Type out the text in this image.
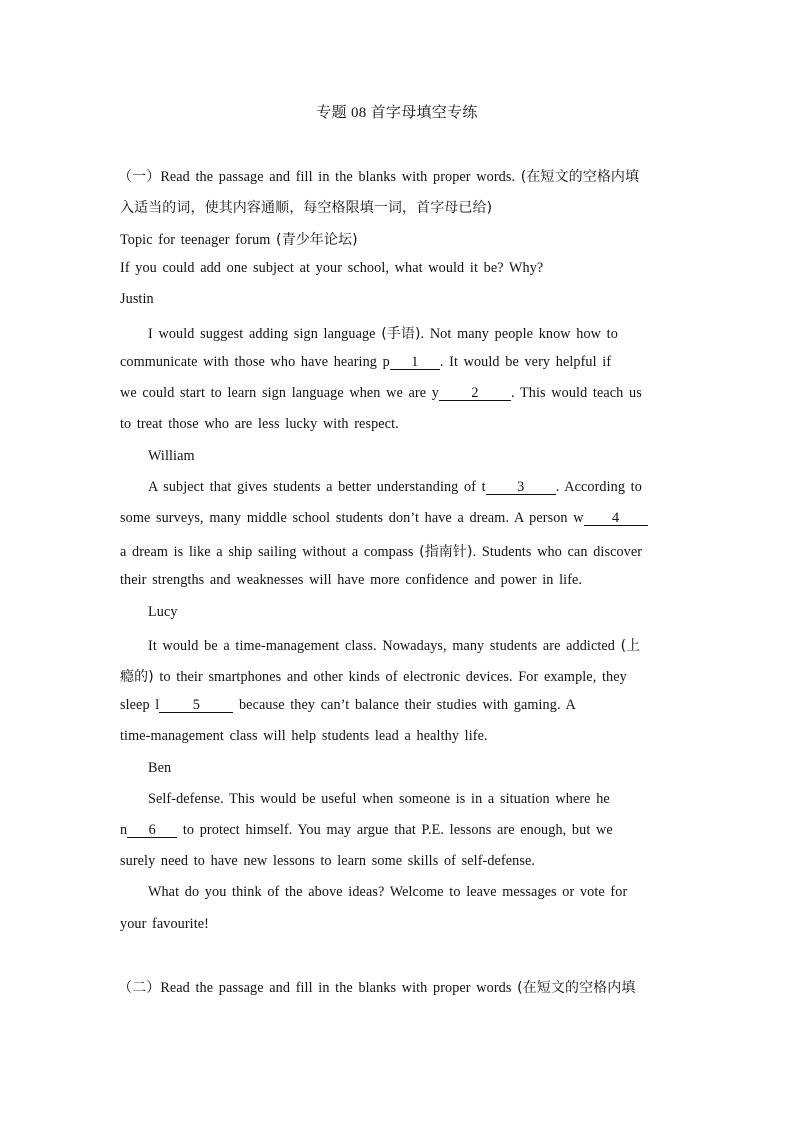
专题 08 首字母填空专练
（一）Read the passage and fill in the blanks with proper words. (在短文的空格内填
入适当的词，使其内容通顺，每空格限填一词，首字母已给)
Topic for teenager forum (青少年论坛)
If you could add one subject at your school, what would it be? Why?
Justin
I would suggest adding sign language (手语). Not many people know how to
communicate with those who have hearing p 1 . It would be very helpful if
we could start to learn sign language when we are y 2 . This would teach us
to treat those who are less lucky with respect.
William
A subject that gives students a better understanding of t 3 . According to
some surveys, many middle school students don’t have a dream. A person w 4
a dream is like a ship sailing without a compass (指南针). Students who can discover
their strengths and weaknesses will have more confidence and power in life.
Lucy
It would be a time-management class. Nowadays, many students are addicted (上
瘾的) to their smartphones and other kinds of electronic devices. For example, they
sleep l 5 because they can’t balance their studies with gaming. A
time-management class will help students lead a healthy life.
Ben
Self-defense. This would be useful when someone is in a situation where he
n 6 to protect himself. You may argue that P.E. lessons are enough, but we
surely need to have new lessons to learn some skills of self-defense.
What do you think of the above ideas? Welcome to leave messages or vote for
your favourite!
（二）Read the passage and fill in the blanks with proper words (在短文的空格内填
